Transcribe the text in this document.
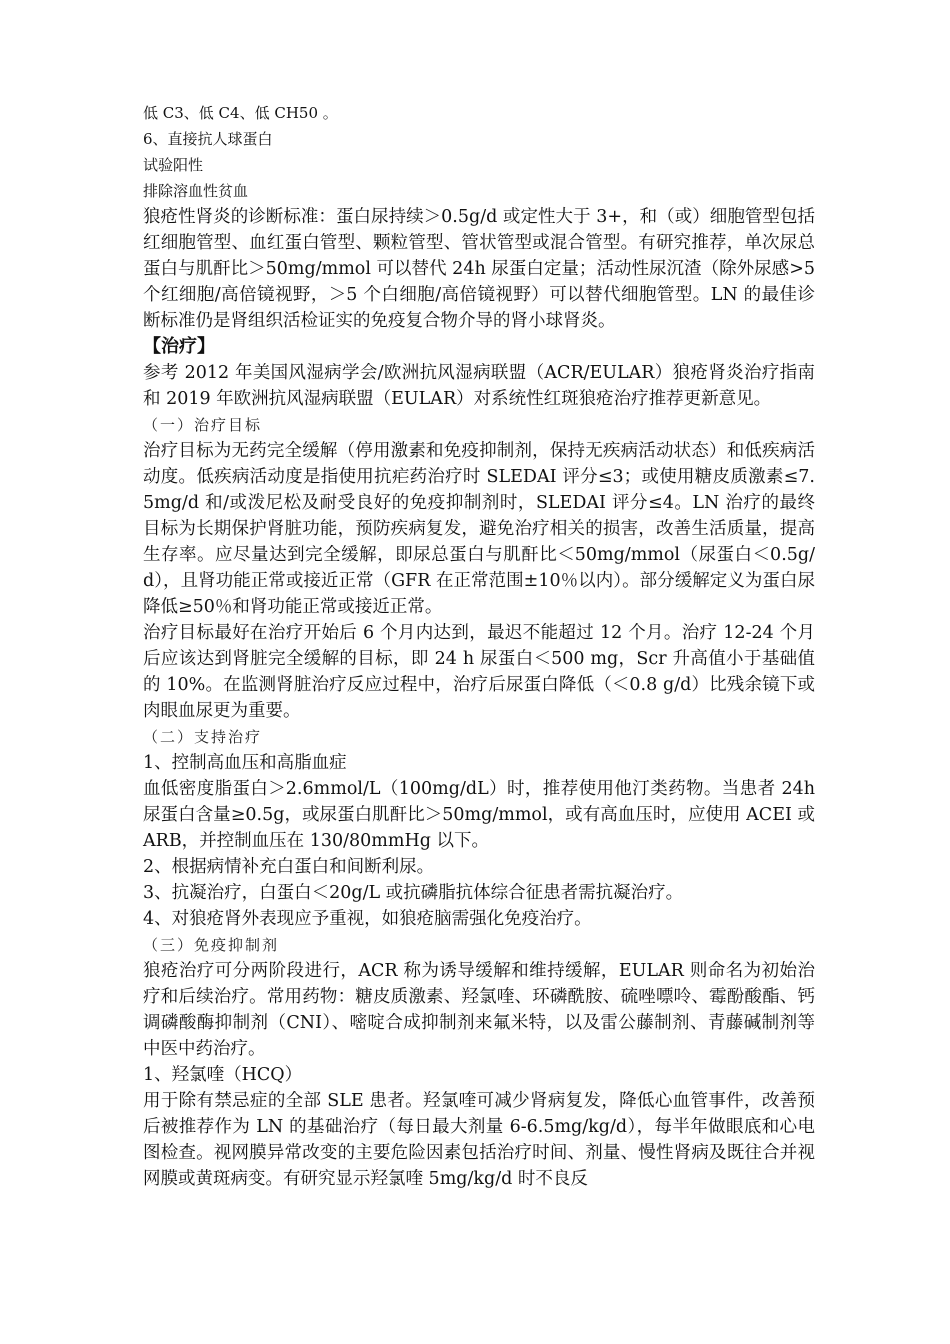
低 C3、低 C4、低 CH50 。
6、直接抗人球蛋白
试验阳性
排除溶血性贫血

狼疮性肾炎的诊断标准：蛋白尿持续＞0.5g/d 或定性大于 3+，和（或）细胞管型包括红细胞管型、血红蛋白管型、颗粒管型、管状管型或混合管型。有研究推荐，单次尿总蛋白与肌酐比＞50mg/mmol 可以替代 24h 尿蛋白定量；活动性尿沉渣（除外尿感>5 个红细胞/高倍镜视野，＞5 个白细胞/高倍镜视野）可以替代细胞管型。LN 的最佳诊断标准仍是肾组织活检证实的免疫复合物介导的肾小球肾炎。

【治疗】

参考 2012 年美国风湿病学会/欧洲抗风湿病联盟（ACR/EULAR）狼疮肾炎治疗指南和 2019 年欧洲抗风湿病联盟（EULAR）对系统性红斑狼疮治疗推荐更新意见。

（一）治疗目标

治疗目标为无药完全缓解（停用激素和免疫抑制剂，保持无疾病活动状态）和低疾病活动度。低疾病活动度是指使用抗疟药治疗时 SLEDAI 评分≤3；或使用糖皮质激素≤7.5mg/d 和/或泼尼松及耐受良好的免疫抑制剂时，SLEDAI 评分≤4。LN 治疗的最终目标为长期保护肾脏功能，预防疾病复发，避免治疗相关的损害，改善生活质量，提高生存率。应尽量达到完全缓解，即尿总蛋白与肌酐比＜50mg/mmol（尿蛋白＜0.5g/d），且肾功能正常或接近正常（GFR 在正常范围±10％以内）。部分缓解定义为蛋白尿降低≥50％和肾功能正常或接近正常。

治疗目标最好在治疗开始后 6 个月内达到，最迟不能超过 12 个月。治疗 12-24 个月后应该达到肾脏完全缓解的目标，即 24 h 尿蛋白＜500 mg，Scr 升高值小于基础值的 10%。在监测肾脏治疗反应过程中，治疗后尿蛋白降低（＜0.8 g/d）比残余镜下或肉眼血尿更为重要。

（二）支持治疗
1、控制高血压和高脂血症

血低密度脂蛋白＞2.6mmol/L（100mg/dL）时，推荐使用他汀类药物。当患者 24h 尿蛋白含量≥0.5g，或尿蛋白肌酐比＞50mg/mmol，或有高血压时，应使用 ACEI 或 ARB，并控制血压在 130/80mmHg 以下。

2、根据病情补充白蛋白和间断利尿。
3、抗凝治疗，白蛋白＜20g/L 或抗磷脂抗体综合征患者需抗凝治疗。
4、对狼疮肾外表现应予重视，如狼疮脑需强化免疫治疗。
（三）免疫抑制剂

狼疮治疗可分两阶段进行，ACR 称为诱导缓解和维持缓解，EULAR 则命名为初始治疗和后续治疗。常用药物：糖皮质激素、羟氯喹、环磷酰胺、硫唑嘌呤、霉酚酸酯、钙调磷酸酶抑制剂（CNI）、嘧啶合成抑制剂来氟米特，以及雷公藤制剂、青藤碱制剂等中医中药治疗。

1、羟氯喹（HCQ）

用于除有禁忌症的全部 SLE 患者。羟氯喹可减少肾病复发，降低心血管事件，改善预后被推荐作为 LN 的基础治疗（每日最大剂量 6-6.5mg/kg/d），每半年做眼底和心电图检查。视网膜异常改变的主要危险因素包括治疗时间、剂量、慢性肾病及既往合并视网膜或黄斑病变。有研究显示羟氯喹 5mg/kg/d 时不良反
